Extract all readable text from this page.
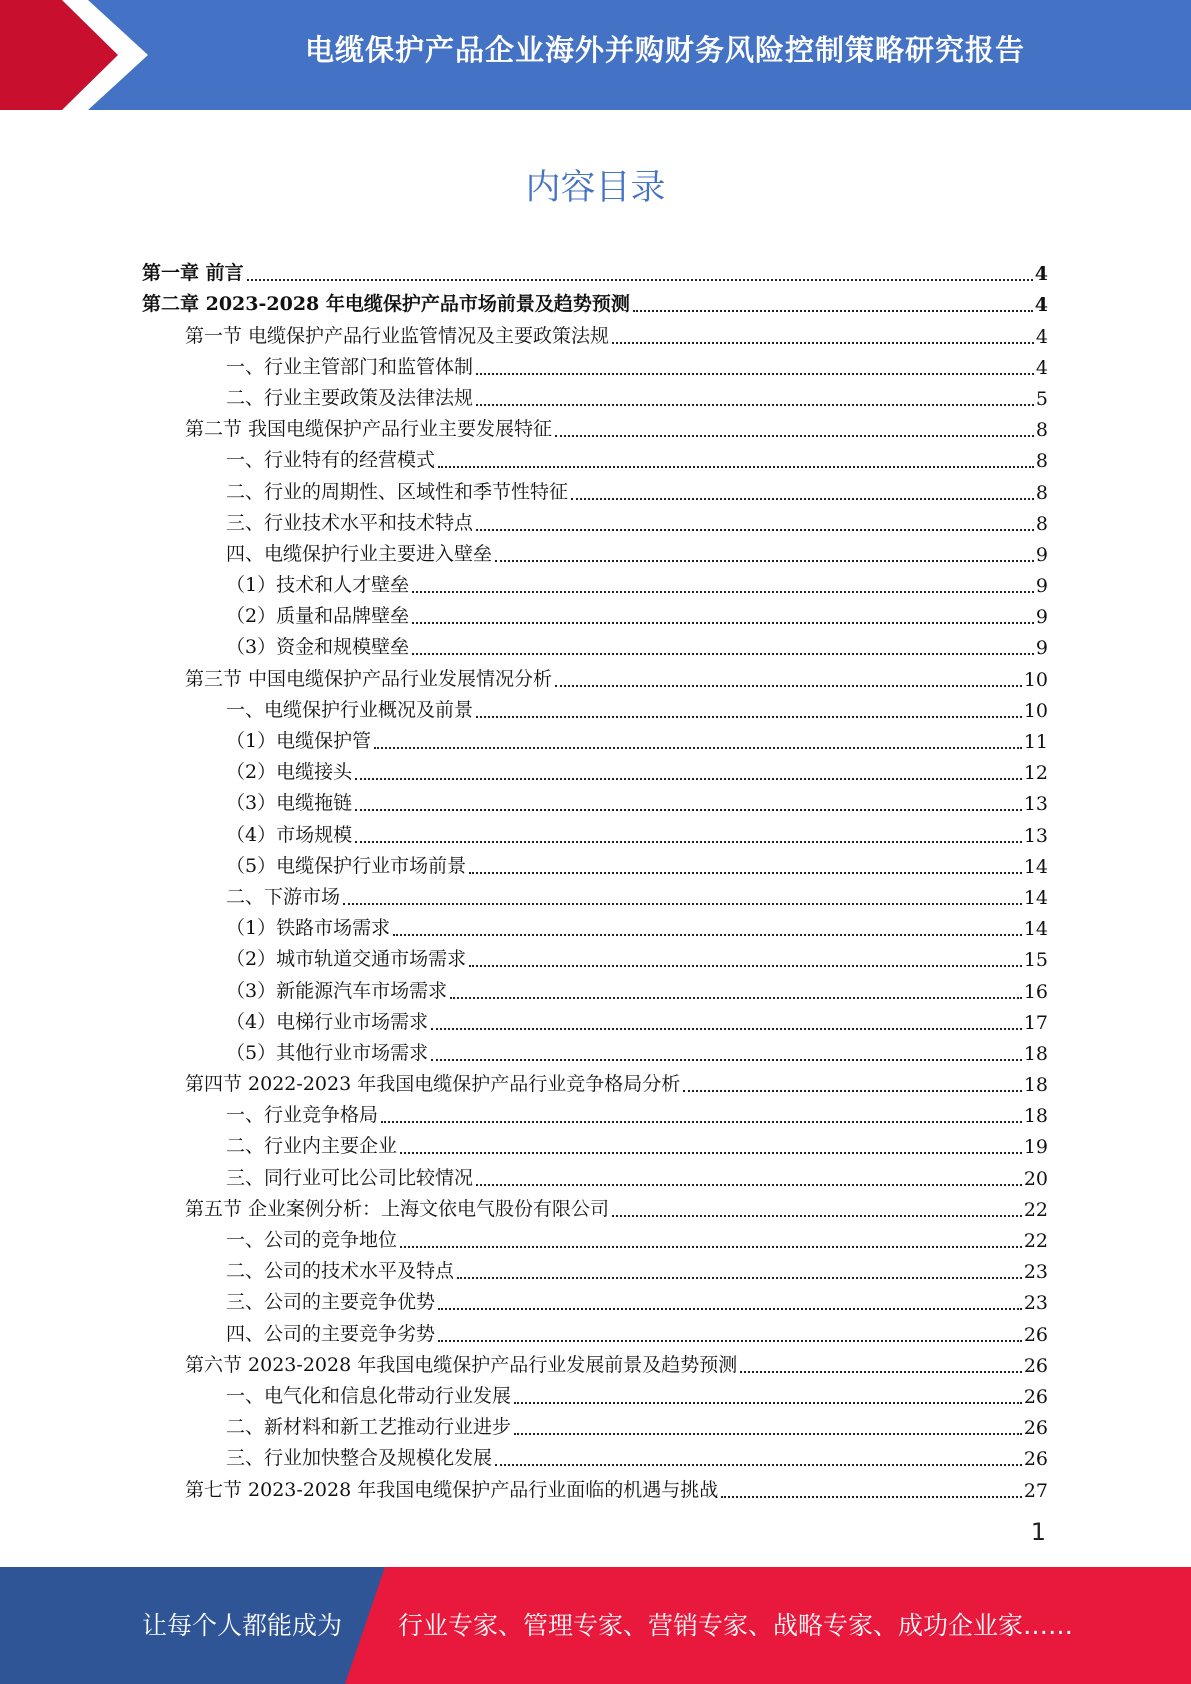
电缆保护产品企业海外并购财务风险控制策略研究报告
内容目录
第一章 前言	4
第二章 2023-2028 年电缆保护产品市场前景及趋势预测	4
第一节 电缆保护产品行业监管情况及主要政策法规	4
一、行业主管部门和监管体制	4
二、行业主要政策及法律法规	5
第二节 我国电缆保护产品行业主要发展特征	8
一、行业特有的经营模式	8
二、行业的周期性、区域性和季节性特征	8
三、行业技术水平和技术特点	8
四、电缆保护行业主要进入壁垒	9
（1）技术和人才壁垒	9
（2）质量和品牌壁垒	9
（3）资金和规模壁垒	9
第三节 中国电缆保护产品行业发展情况分析	10
一、电缆保护行业概况及前景	10
（1）电缆保护管	11
（2）电缆接头	12
（3）电缆拖链	13
（4）市场规模	13
（5）电缆保护行业市场前景	14
二、下游市场	14
（1）铁路市场需求	14
（2）城市轨道交通市场需求	15
（3）新能源汽车市场需求	16
（4）电梯行业市场需求	17
（5）其他行业市场需求	18
第四节 2022-2023 年我国电缆保护产品行业竞争格局分析	18
一、行业竞争格局	18
二、行业内主要企业	19
三、同行业可比公司比较情况	20
第五节 企业案例分析：上海文依电气股份有限公司	22
一、公司的竞争地位	22
二、公司的技术水平及特点	23
三、公司的主要竞争优势	23
四、公司的主要竞争劣势	26
第六节 2023-2028 年我国电缆保护产品行业发展前景及趋势预测	26
一、电气化和信息化带动行业发展	26
二、新材料和新工艺推动行业进步	26
三、行业加快整合及规模化发展	26
第七节 2023-2028 年我国电缆保护产品行业面临的机遇与挑战	27
1
让每个人都能成为 行业专家、管理专家、营销专家、战略专家、成功企业家……
